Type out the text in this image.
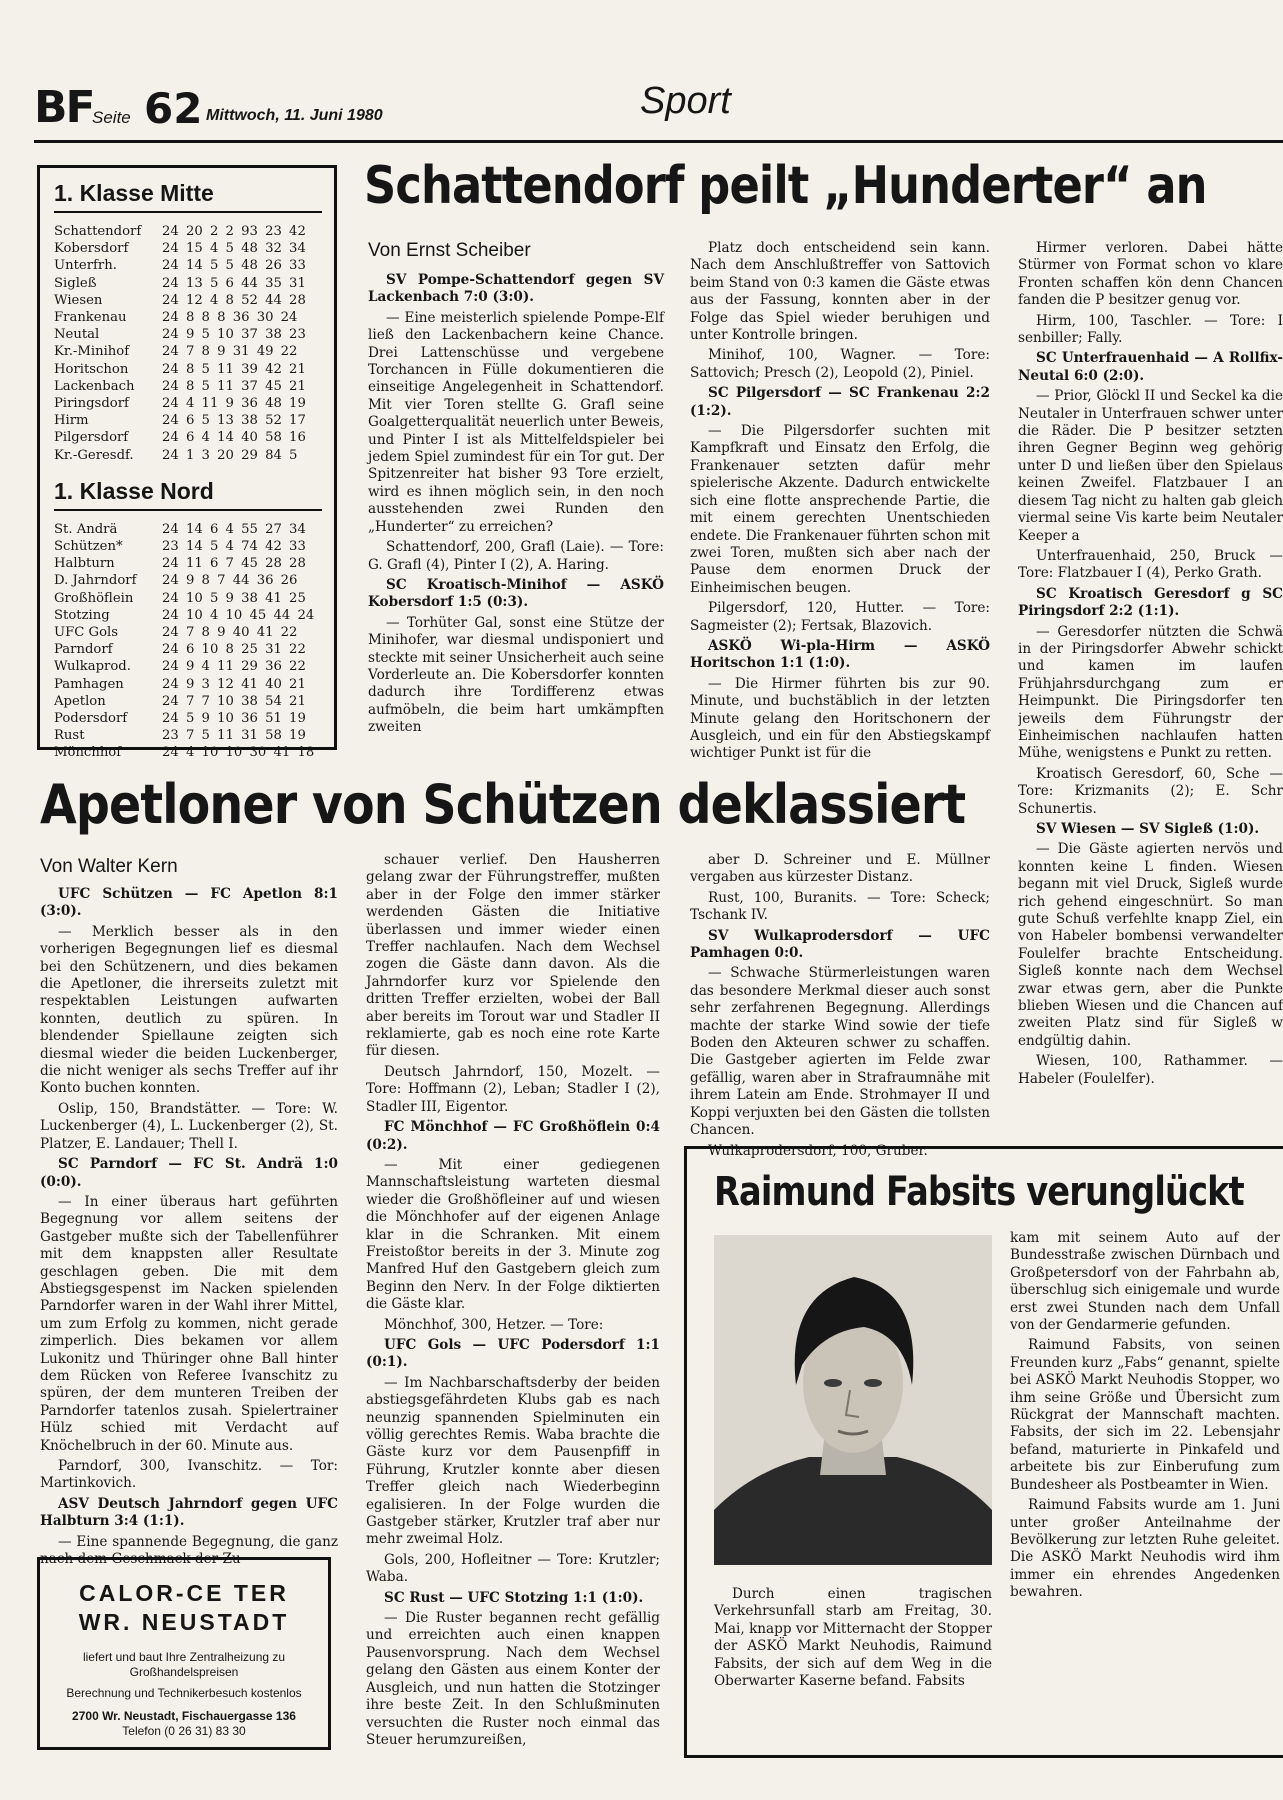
BF
Seite 62 Mittwoch, 11. Juni 1980	Sport
1. Klasse Mitte
Schattendorf	24 20 2 2 93 23 42
Kobersdorf	24 15 4 5 48 32 34
Unterfrh.	24 14 5 5 48 26 33
Sigleß	24 13 5 6 44 35 31
Wiesen	24 12 4 8 52 44 28
Frankenau	24 8 8 8 36 30 24
Neutal	24 9 5 10 37 38 23
Kr.-Minihof	24 7 8 9 31 49 22
Horitschon	24 8 5 11 39 42 21
Lackenbach	24 8 5 11 37 45 21
Piringsdorf	24 4 11 9 36 48 19
Hirm	24 6 5 13 38 52 17
Pilgersdorf	24 6 4 14 40 58 16
Kr.-Geresdf.	24 1 3 20 29 84 5
1. Klasse Nord
St. Andrä	24 14 6 4 55 27 34
Schützen*	23 14 5 4 74 42 33
Halbturn	24 11 6 7 45 28 28
D. Jahrndorf	24 9 8 7 44 36 26
Großhöflein	24 10 5 9 38 41 25
Stotzing	24 10 4 10 45 44 24
UFC Gols	24 7 8 9 40 41 22
Parndorf	24 6 10 8 25 31 22
Wulkaprod.	24 9 4 11 29 36 22
Pamhagen	24 9 3 12 41 40 21
Apetlon	24 7 7 10 38 54 21
Podersdorf	24 5 9 10 36 51 19
Rust	23 7 5 11 31 58 19
Mönchhof	24 4 10 10 30 41 18
Schattendorf peilt „Hunderter“ an
Von Ernst Scheiber

SV Pompe-Schattendorf gegen SV Lackenbach 7:0 (3:0).

— Eine meisterlich spielende Pompe-Elf ließ den Lackenbachern keine Chance. Drei Lattenschüsse und vergebene Torchancen in Fülle dokumentieren die einseitige Angelegenheit in Schattendorf. Mit vier Toren stellte G. Grafl seine Goalgetterqualität neuerlich unter Beweis, und Pinter I ist als Mittelfeldspieler bei jedem Spiel zumindest für ein Tor gut. Der Spitzenreiter hat bisher 93 Tore erzielt, wird es ihnen möglich sein, in den noch ausstehenden zwei Runden den „Hunderter“ zu erreichen?

Schattendorf, 200, Grafl (Laie). — Tore: G. Grafl (4), Pinter I (2), A. Haring.

SC Kroatisch-Minihof — ASKÖ Kobersdorf 1:5 (0:3).

— Torhüter Gal, sonst eine Stütze der Minihofer, war diesmal undisponiert und steckte mit seiner Unsicherheit auch seine Vorderleute an. Die Kobersdorfer konnten dadurch ihre Tordifferenz etwas aufmöbeln, die beim hart umkämpften zweiten

Platz doch entscheidend sein kann. Nach dem Anschlußtreffer von Sattovich beim Stand von 0:3 kamen die Gäste etwas aus der Fassung, konnten aber in der Folge das Spiel wieder beruhigen und unter Kontrolle bringen.

Minihof, 100, Wagner. — Tore: Sattovich; Presch (2), Leopold (2), Piniel.

SC Pilgersdorf — SC Frankenau 2:2 (1:2).

— Die Pilgersdorfer suchten mit Kampfkraft und Einsatz den Erfolg, die Frankenauer setzten dafür mehr spielerische Akzente. Dadurch entwickelte sich eine flotte ansprechende Partie, die mit einem gerechten Unentschieden endete. Die Frankenauer führten schon mit zwei Toren, mußten sich aber nach der Pause dem enormen Druck der Einheimischen beugen.

Pilgersdorf, 120, Hutter. — Tore: Sagmeister (2); Fertsak, Blazovich.

ASKÖ Wi-pla-Hirm — ASKÖ Horitschon 1:1 (1:0).

— Die Hirmer führten bis zur 90. Minute, und buchstäblich in der letzten Minute gelang den Horitschonern der Ausgleich, und ein für den Abstiegskampf wichtiger Punkt ist für die

Hirmer verloren. Dabei hätte Stürmer von Format schon vo klare Fronten schaffen kön denn Chancen fanden die P besitzer genug vor.

Hirm, 100, Taschler. — Tore: I senbiller; Fally.

SC Unterfrauenhaid — A Rollfix-Neutal 6:0 (2:0).

— Prior, Glöckl II und Seckel ka die Neutaler in Unterfrauen schwer unter die Räder. Die P besitzer setzten ihren Gegner Beginn weg gehörig unter D und ließen über den Spielaus keinen Zweifel. Flatzbauer I an diesem Tag nicht zu halten gab gleich viermal seine Vis karte beim Neutaler Keeper a

Unterfrauenhaid, 250, Bruck — Tore: Flatzbauer I (4), Perko Grath.

SC Kroatisch Geresdorf g SC Piringsdorf 2:2 (1:1).

— Geresdorfer nützten die Schwä in der Piringsdorfer Abwehr schickt und kamen im laufen Frühjahrsdurchgang zum er Heimpunkt. Die Piringsdorfer ten jeweils dem Führungstr der Einheimischen nachlaufen hatten Mühe, wenigstens e Punkt zu retten.

Kroatisch Geresdorf, 60, Sche — Tore: Krizmanits (2); E. Schr Schunertis.

SV Wiesen — SV Sigleß (1:0).

— Die Gäste agierten nervös und konnten keine L finden. Wiesen begann mit viel Druck, Sigleß wurde rich gehend eingeschnürt. So man gute Schuß verfehlte knapp Ziel, ein von Habeler bombensi verwandelter Foulelfer brachte Entscheidung. Sigleß konnte nach dem Wechsel zwar etwas gern, aber die Punkte blieben Wiesen und die Chancen auf zweiten Platz sind für Sigleß w endgültig dahin.

Wiesen, 100, Rathammer. — Habeler (Foulelfer).

Apetloner von Schützen deklassiert
Von Walter Kern

UFC Schützen — FC Apetlon 8:1 (3:0).

— Merklich besser als in den vorherigen Begegnungen lief es diesmal bei den Schützenern, und dies bekamen die Apetloner, die ihrerseits zuletzt mit respektablen Leistungen aufwarten konnten, deutlich zu spüren. In blendender Spiellaune zeigten sich diesmal wieder die beiden Luckenberger, die nicht weniger als sechs Treffer auf ihr Konto buchen konnten.

Oslip, 150, Brandstätter. — Tore: W. Luckenberger (4), L. Luckenberger (2), St. Platzer, E. Landauer; Thell I.

SC Parndorf — FC St. Andrä 1:0 (0:0).

— In einer überaus hart geführten Begegnung vor allem seitens der Gastgeber mußte sich der Tabellenführer mit dem knappsten aller Resultate geschlagen geben. Die mit dem Abstiegsgespenst im Nacken spielenden Parndorfer waren in der Wahl ihrer Mittel, um zum Erfolg zu kommen, nicht gerade zimperlich. Dies bekamen vor allem Lukonitz und Thüringer ohne Ball hinter dem Rücken von Referee Ivanschitz zu spüren, der dem munteren Treiben der Parndorfer tatenlos zusah. Spielertrainer Hülz schied mit Verdacht auf Knöchelbruch in der 60. Minute aus.

Parndorf, 300, Ivanschitz. — Tor: Martinkovich.

ASV Deutsch Jahrndorf gegen UFC Halbturn 3:4 (1:1).

— Eine spannende Begegnung, die ganz nach dem Geschmack der Zu-

schauer verlief. Den Hausherren gelang zwar der Führungstreffer, mußten aber in der Folge den immer stärker werdenden Gästen die Initiative überlassen und immer wieder einen Treffer nachlaufen. Nach dem Wechsel zogen die Gäste dann davon. Als die Jahrndorfer kurz vor Spielende den dritten Treffer erzielten, wobei der Ball aber bereits im Torout war und Stadler II reklamierte, gab es noch eine rote Karte für diesen.

Deutsch Jahrndorf, 150, Mozelt. — Tore: Hoffmann (2), Leban; Stadler I (2), Stadler III, Eigentor.

FC Mönchhof — FC Großhöflein 0:4 (0:2).

— Mit einer gediegenen Mannschaftsleistung warteten diesmal wieder die Großhöfleiner auf und wiesen die Mönchhofer auf der eigenen Anlage klar in die Schranken. Mit einem Freistoßtor bereits in der 3. Minute zog Manfred Huf den Gastgebern gleich zum Beginn den Nerv. In der Folge diktierten die Gäste klar.

Mönchhof, 300, Hetzer. — Tore:

UFC Gols — UFC Podersdorf 1:1 (0:1).

— Im Nachbarschaftsderby der beiden abstiegsgefährdeten Klubs gab es nach neunzig spannenden Spielminuten ein völlig gerechtes Remis. Waba brachte die Gäste kurz vor dem Pausenpfiff in Führung, Krutzler konnte aber diesen Treffer gleich nach Wiederbeginn egalisieren. In der Folge wurden die Gastgeber stärker, Krutzler traf aber nur mehr zweimal Holz.

Gols, 200, Hofleitner — Tore: Krutzler; Waba.

SC Rust — UFC Stotzing 1:1 (1:0).

— Die Ruster begannen recht gefällig und erreichten auch einen knappen Pausenvorsprung. Nach dem Wechsel gelang den Gästen aus einem Konter der Ausgleich, und nun hatten die Stotzinger ihre beste Zeit. In den Schlußminuten versuchten die Ruster noch einmal das Steuer herumzureißen,

aber D. Schreiner und E. Müllner vergaben aus kürzester Distanz.

Rust, 100, Buranits. — Tore: Scheck; Tschank IV.

SV Wulkaprodersdorf — UFC Pamhagen 0:0.

— Schwache Stürmerleistungen waren das besondere Merkmal dieser auch sonst sehr zerfahrenen Begegnung. Allerdings machte der starke Wind sowie der tiefe Boden den Akteuren schwer zu schaffen. Die Gastgeber agierten im Felde zwar gefällig, waren aber in Strafraumnähe mit ihrem Latein am Ende. Strohmayer II und Koppi verjuxten bei den Gästen die tollsten Chancen.

Wulkaprodersdorf, 100, Gruber.

CALOR-CE TER
WR. NEUSTADT
liefert und baut Ihre Zentralheizung zu Großhandelspreisen
Berechnung und Technikerbesuch kostenlos
2700 Wr. Neustadt, Fischauergasse 136
Telefon (0 26 31) 83 30
Raimund Fabsits verunglückt

Durch einen tragischen Verkehrsunfall starb am Freitag, 30. Mai, knapp vor Mitternacht der Stopper der ASKÖ Markt Neuhodis, Raimund Fabsits, der sich auf dem Weg in die Oberwarter Kaserne befand. Fabsits

kam mit seinem Auto auf der Bundesstraße zwischen Dürnbach und Großpetersdorf von der Fahrbahn ab, überschlug sich einigemale und wurde erst zwei Stunden nach dem Unfall von der Gendarmerie gefunden.

Raimund Fabsits, von seinen Freunden kurz „Fabs“ genannt, spielte bei ASKÖ Markt Neuhodis Stopper, wo ihm seine Größe und Übersicht zum Rückgrat der Mannschaft machten. Fabsits, der sich im 22. Lebensjahr befand, maturierte in Pinkafeld und arbeitete bis zur Einberufung zum Bundesheer als Postbeamter in Wien.

Raimund Fabsits wurde am 1. Juni unter großer Anteilnahme der Bevölkerung zur letzten Ruhe geleitet. Die ASKÖ Markt Neuhodis wird ihm immer ein ehrendes Angedenken bewahren.
